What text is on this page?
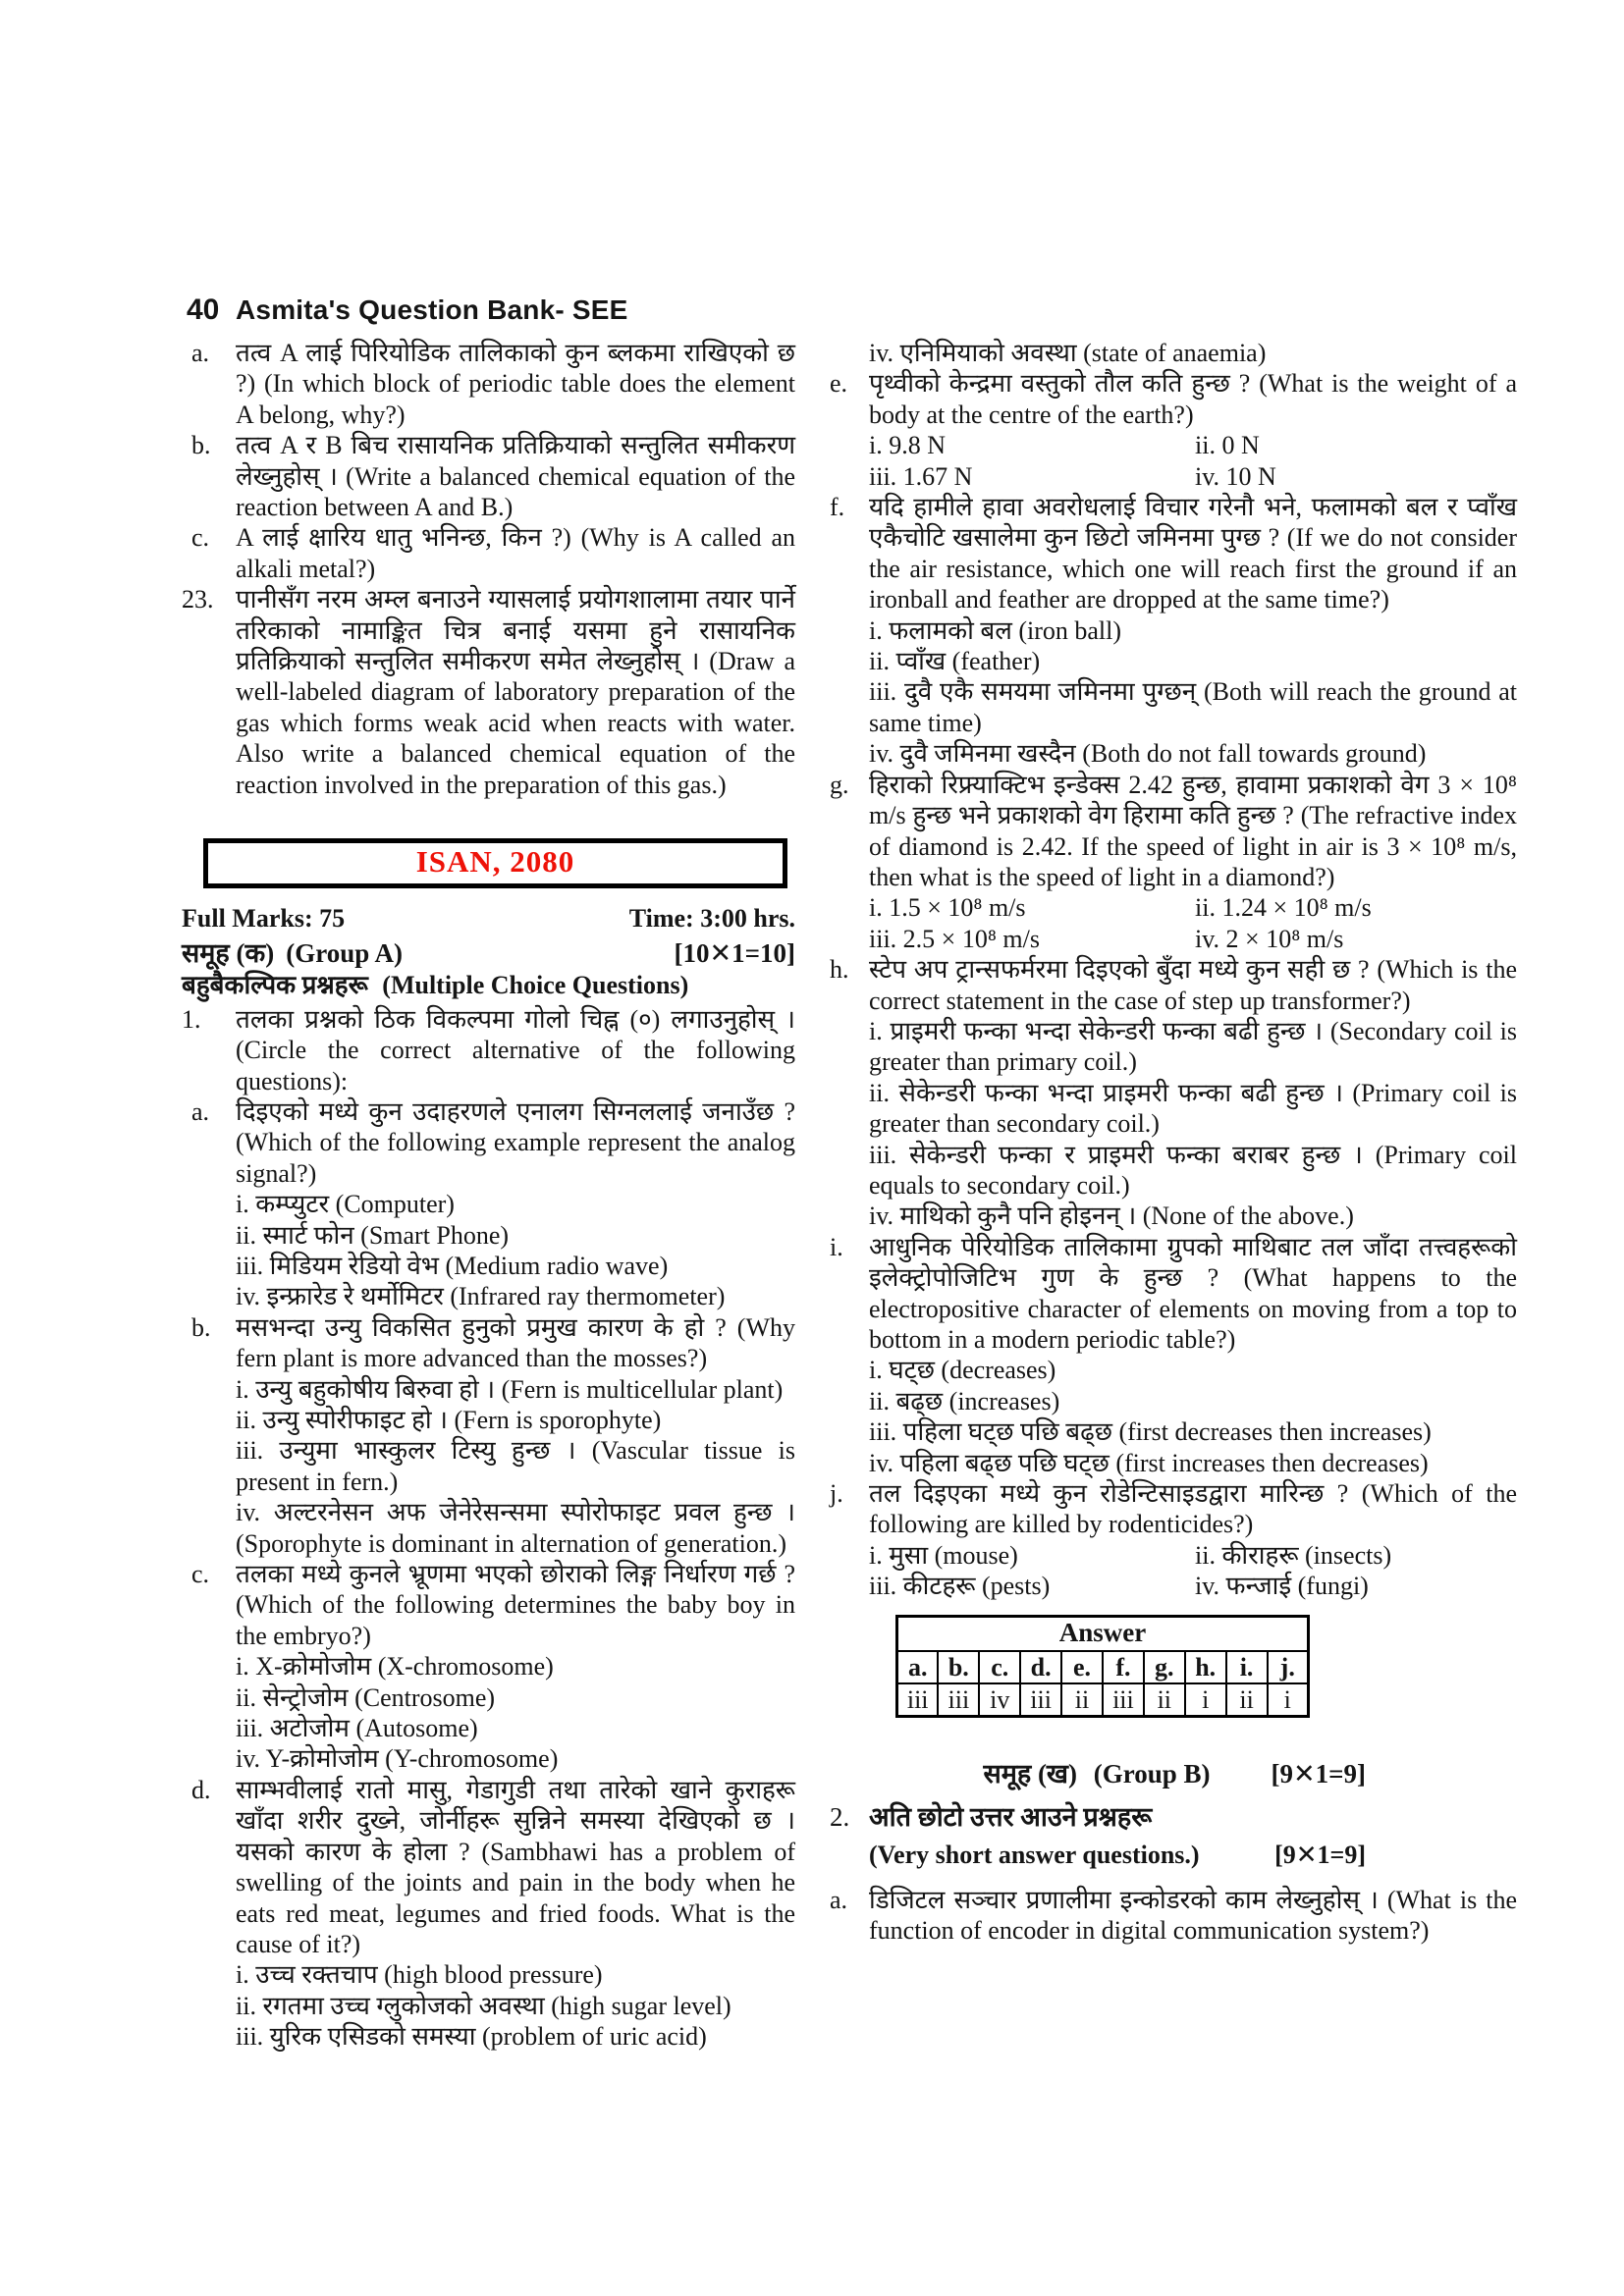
40 Asmita's Question Bank- SEE
a.	तत्व A लाई पिरियोडिक तालिकाको कुन ब्लकमा राखिएको छ ?) (In which block of periodic table does the element A belong, why?)
b. तत्व A र B बिच रासायनिक प्रतिक्रियाको सन्तुलित समीकरण लेख्नुहोस् । (Write a balanced chemical equation of the reaction between A and B.)
c.	A लाई क्षारिय धातु भनिन्छ, किन ?) (Why is A called an alkali metal?)
23. पानीसँग नरम अम्ल बनाउने ग्यासलाई प्रयोगशालामा तयार पार्ने तरिकाको नामाङ्कित चित्र बनाई यसमा हुने रासायनिक प्रतिक्रियाको सन्तुलित समीकरण समेत लेख्नुहोस् । (Draw a well-labeled diagram of laboratory preparation of the gas which forms weak acid when reacts with water. Also write a balanced chemical equation of the reaction involved in the preparation of this gas.)
ISAN, 2080
Full Marks: 75	Time: 3:00 hrs.
समूह (क) (Group A)	[10✕1=10]
बहुबैकल्पिक प्रश्नहरू (Multiple Choice Questions)
1.	तलका प्रश्नको ठिक विकल्पमा गोलो चिह्न (०) लगाउनुहोस् । (Circle the correct alternative of the following questions):
a.	दिइएको मध्ये कुन उदाहरणले एनालग सिग्नललाई जनाउँछ ? (Which of the following example represent the analog signal?)
i. कम्प्युटर (Computer)
ii. स्मार्ट फोन (Smart Phone)
iii. मिडियम रेडियो वेभ (Medium radio wave)
iv. इन्फ्रारेड रे थर्मोमिटर (Infrared ray thermometer)
b. मसभन्दा उन्यु विकसित हुनुको प्रमुख कारण के हो ? (Why fern plant is more advanced than the mosses?)
i. उन्यु बहुकोषीय बिरुवा हो । (Fern is multicellular plant)
ii. उन्यु स्पोरीफाइट हो । (Fern is sporophyte)
iii. उन्युमा भास्कुलर टिस्यु हुन्छ । (Vascular tissue is present in fern.)
iv. अल्टरनेसन अफ जेनेरेसन्समा स्पोरोफाइट प्रवल हुन्छ । (Sporophyte is dominant in alternation of generation.)
c.	तलका मध्ये कुनले भ्रूणमा भएको छोराको लिङ्ग निर्धारण गर्छ ? (Which of the following determines the baby boy in the embryo?)
i. X-क्रोमोजोम (X-chromosome)
ii. सेन्ट्रोजोम (Centrosome)
iii. अटोजोम (Autosome)
iv. Y-क्रोमोजोम (Y-chromosome)
d. साम्भवीलाई रातो मासु, गेडागुडी तथा तारेको खाने कुराहरू खाँदा शरीर दुख्ने, जोर्नीहरू सुन्निने समस्या देखिएको छ । यसको कारण के होला ? (Sambhawi has a problem of swelling of the joints and pain in the body when he eats red meat, legumes and fried foods. What is the cause of it?)
i. उच्च रक्तचाप (high blood pressure)
ii. रगतमा उच्च ग्लुकोजको अवस्था (high sugar level)
iii. युरिक एसिडको समस्या (problem of uric acid)
iv. एनिमियाको अवस्था (state of anaemia)
e. पृथ्वीको केन्द्रमा वस्तुको तौल कति हुन्छ ? (What is the weight of a body at the centre of the earth?)
i. 9.8 N	ii. 0 N
iii. 1.67 N	iv. 10 N
f. यदि हामीले हावा अवरोधलाई विचार गरेनौ भने, फलामको बल र प्वाँख एकैचोटि खसालेमा कुन छिटो जमिनमा पुग्छ ? (If we do not consider the air resistance, which one will reach first the ground if an ironball and feather are dropped at the same time?)
i. फलामको बल (iron ball)
ii. प्वाँख (feather)
iii. दुवै एकै समयमा जमिनमा पुग्छन् (Both will reach the ground at same time)
iv. दुवै जमिनमा खस्दैन (Both do not fall towards ground)
g. हिराको रिफ्र्याक्टिभ इन्डेक्स 2.42 हुन्छ, हावामा प्रकाशको वेग 3 × 10⁸ m/s हुन्छ भने प्रकाशको वेग हिरामा कति हुन्छ ? (The refractive index of diamond is 2.42. If the speed of light in air is 3 × 10⁸ m/s, then what is the speed of light in a diamond?)
i. 1.5 × 10⁸ m/s	ii. 1.24 × 10⁸ m/s
iii. 2.5 × 10⁸ m/s	iv. 2 × 10⁸ m/s
h. स्टेप अप ट्रान्सफर्मरमा दिइएको बुँदा मध्ये कुन सही छ ? (Which is the correct statement in the case of step up transformer?)
i. प्राइमरी फन्का भन्दा सेकेन्डरी फन्का बढी हुन्छ । (Secondary coil is greater than primary coil.)
ii. सेकेन्डरी फन्का भन्दा प्राइमरी फन्का बढी हुन्छ । (Primary coil is greater than secondary coil.)
iii. सेकेन्डरी फन्का र प्राइमरी फन्का बराबर हुन्छ । (Primary coil equals to secondary coil.)
iv. माथिको कुनै पनि होइनन् । (None of the above.)
i.	आधुनिक पेरियोडिक तालिकामा ग्रुपको माथिबाट तल जाँदा तत्त्वहरूको इलेक्ट्रोपोजिटिभ गुण के हुन्छ ? (What happens to the electropositive character of elements on moving from a top to bottom in a modern periodic table?)
i. घट्छ (decreases)
ii. बढ्छ (increases)
iii. पहिला घट्छ पछि बढ्छ (first decreases then increases)
iv. पहिला बढ्छ पछि घट्छ (first increases then decreases)
j.	तल दिइएका मध्ये कुन रोडेन्टिसाइडद्वारा मारिन्छ ? (Which of the following are killed by rodenticides?)
i. मुसा (mouse)	ii. कीराहरू (insects)
iii. कीटहरू (pests)	iv. फन्जाई (fungi)
Answer									
a.	b.	c.	d.	e.	f.	g.	h.	i.	j.
iii	iii	iv	iii	ii	iii	ii	i	ii	i
समूह (ख) (Group B)	[9✕1=9]
2. अति छोटो उत्तर आउने प्रश्नहरू
(Very short answer questions.)	[9✕1=9]
a. डिजिटल सञ्चार प्रणालीमा इन्कोडरको काम लेख्नुहोस् । (What is the function of encoder in digital communication system?)
